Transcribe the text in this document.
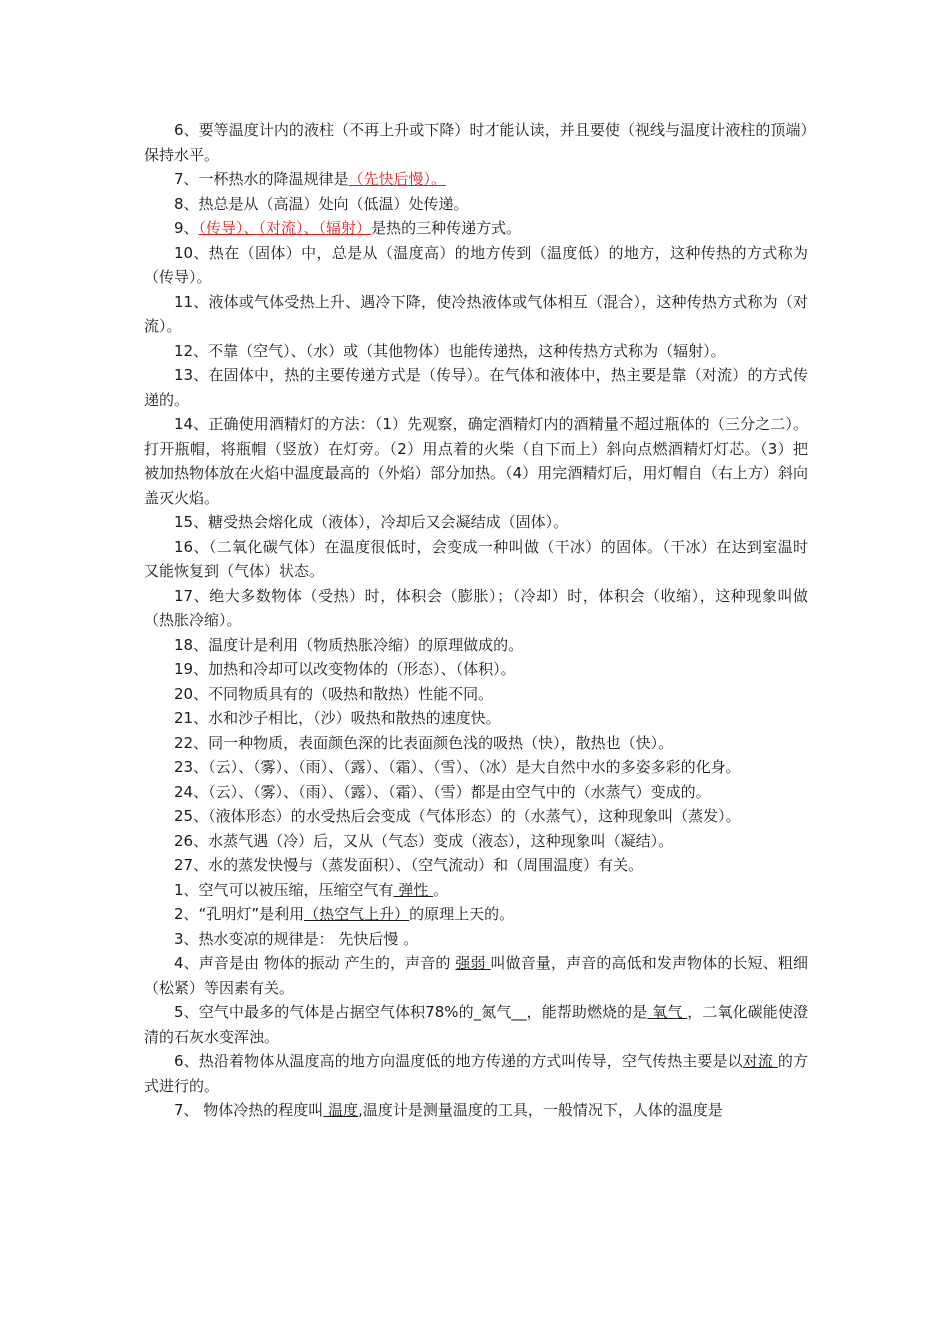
6、要等温度计内的液柱（不再上升或下降）时才能认读，并且要使（视线与温度计液柱的顶端）保持水平。

7、一杯热水的降温规律是（先快后慢）。

8、热总是从（高温）处向（低温）处传递。

9、（传导）、（对流）、（辐射）是热的三种传递方式。

10、热在（固体）中，总是从（温度高）的地方传到（温度低）的地方，这种传热的方式称为（传导）。

11、液体或气体受热上升、遇冷下降，使冷热液体或气体相互（混合），这种传热方式称为（对流）。

12、不靠（空气）、（水）或（其他物体）也能传递热，这种传热方式称为（辐射）。

13、在固体中，热的主要传递方式是（传导）。在气体和液体中，热主要是靠（对流）的方式传递的。

14、正确使用酒精灯的方法：（1）先观察，确定酒精灯内的酒精量不超过瓶体的（三分之二）。打开瓶帽，将瓶帽（竖放）在灯旁。（2）用点着的火柴（自下而上）斜向点燃酒精灯灯芯。（3）把被加热物体放在火焰中温度最高的（外焰）部分加热。（4）用完酒精灯后，用灯帽自（右上方）斜向盖灭火焰。

15、糖受热会熔化成（液体），冷却后又会凝结成（固体）。

16、（二氧化碳气体）在温度很低时，会变成一种叫做（干冰）的固体。（干冰）在达到室温时又能恢复到（气体）状态。

17、绝大多数物体（受热）时，体积会（膨胀）；（冷却）时，体积会（收缩），这种现象叫做（热胀冷缩）。

18、温度计是利用（物质热胀冷缩）的原理做成的。

19、加热和冷却可以改变物体的（形态）、（体积）。

20、不同物质具有的（吸热和散热）性能不同。

21、水和沙子相比，（沙）吸热和散热的速度快。

22、同一种物质，表面颜色深的比表面颜色浅的吸热（快），散热也（快）。

23、（云）、（雾）、（雨）、（露）、（霜）、（雪）、（冰）是大自然中水的多姿多彩的化身。

24、（云）、（雾）、（雨）、（露）、（霜）、（雪）都是由空气中的（水蒸气）变成的。

25、（液体形态）的水受热后会变成（气体形态）的（水蒸气），这种现象叫（蒸发）。

26、水蒸气遇（冷）后，又从（气态）变成（液态），这种现象叫（凝结）。

27、水的蒸发快慢与（蒸发面积）、（空气流动）和（周围温度）有关。

1、空气可以被压缩，压缩空气有 弹性 。

2、“孔明灯”是利用（热空气上升）的原理上天的。

3、热水变凉的规律是： 先快后慢 。

4、声音是由 物体的振动 产生的，声音的 强弱 叫做音量，声音的高低和发声物体的长短、粗细（松紧）等因素有关。

5、空气中最多的气体是占据空气体积78%的_氮气__，能帮助燃烧的是 氧气 ，二氧化碳能使澄清的石灰水变浑浊。

6、热沿着物体从温度高的地方向温度低的地方传递的方式叫传导，空气传热主要是以对流 的方式进行的。

7、 物体冷热的程度叫 温度,温度计是测量温度的工具，一般情况下，人体的温度是
